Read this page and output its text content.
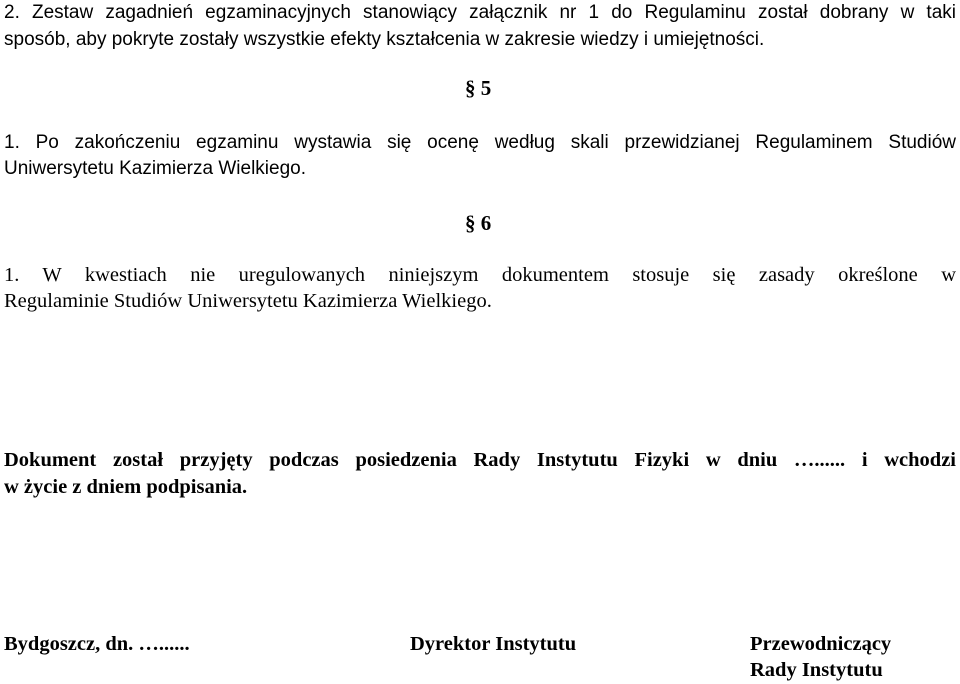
2. Zestaw zagadnień egzaminacyjnych stanowiący załącznik nr 1 do Regulaminu został dobrany w taki

sposób, aby pokryte zostały wszystkie efekty kształcenia w zakresie wiedzy i umiejętności.

§ 5

1. Po zakończeniu egzaminu wystawia się ocenę według skali przewidzianej Regulaminem Studiów

Uniwersytetu Kazimierza Wielkiego.

§ 6

1. W kwestiach nie uregulowanych niniejszym dokumentem stosuje się zasady określone w

Regulaminie Studiów Uniwersytetu Kazimierza Wielkiego.

Dokument został przyjęty podczas posiedzenia Rady Instytutu Fizyki w dniu …...... i wchodzi

w życie z dniem podpisania.

Bydgoszcz, dn. …......	Dyrektor Instytutu	Przewodniczący
Rady Instytutu
